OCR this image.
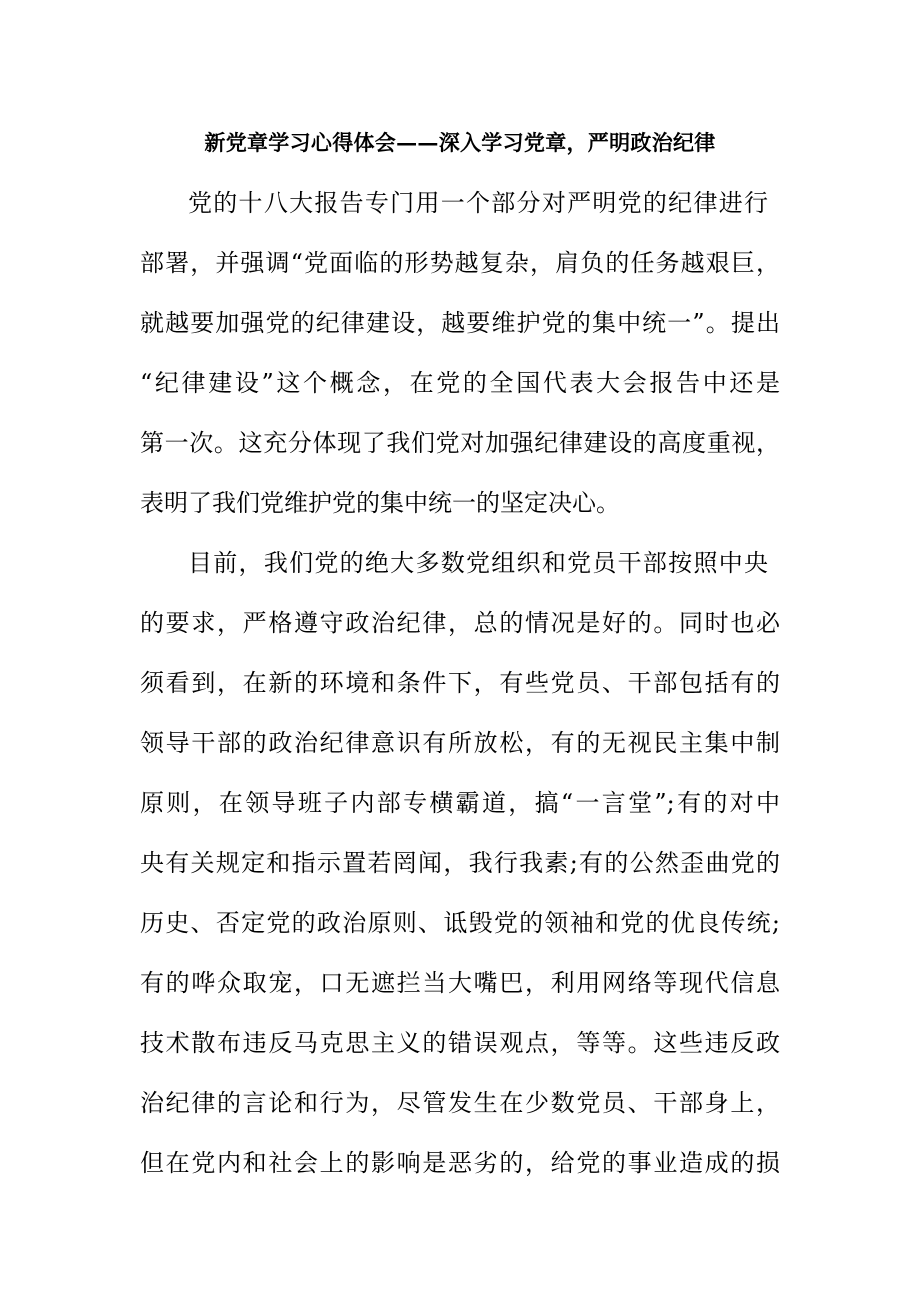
新党章学习心得体会——深入学习党章，严明政治纪律
党的十八大报告专门用一个部分对严明党的纪律进行
部署，并强调“党面临的形势越复杂，肩负的任务越艰巨，
就越要加强党的纪律建设，越要维护党的集中统一”。提出
“纪律建设”这个概念，在党的全国代表大会报告中还是
第一次。这充分体现了我们党对加强纪律建设的高度重视，
表明了我们党维护党的集中统一的坚定决心。
目前，我们党的绝大多数党组织和党员干部按照中央
的要求，严格遵守政治纪律，总的情况是好的。同时也必
须看到，在新的环境和条件下，有些党员、干部包括有的
领导干部的政治纪律意识有所放松，有的无视民主集中制
原则，在领导班子内部专横霸道，搞“一言堂”;有的对中
央有关规定和指示置若罔闻，我行我素;有的公然歪曲党的
历史、否定党的政治原则、诋毁党的领袖和党的优良传统;
有的哗众取宠，口无遮拦当大嘴巴，利用网络等现代信息
技术散布违反马克思主义的错误观点，等等。这些违反政
治纪律的言论和行为，尽管发生在少数党员、干部身上，
但在党内和社会上的影响是恶劣的，给党的事业造成的损
